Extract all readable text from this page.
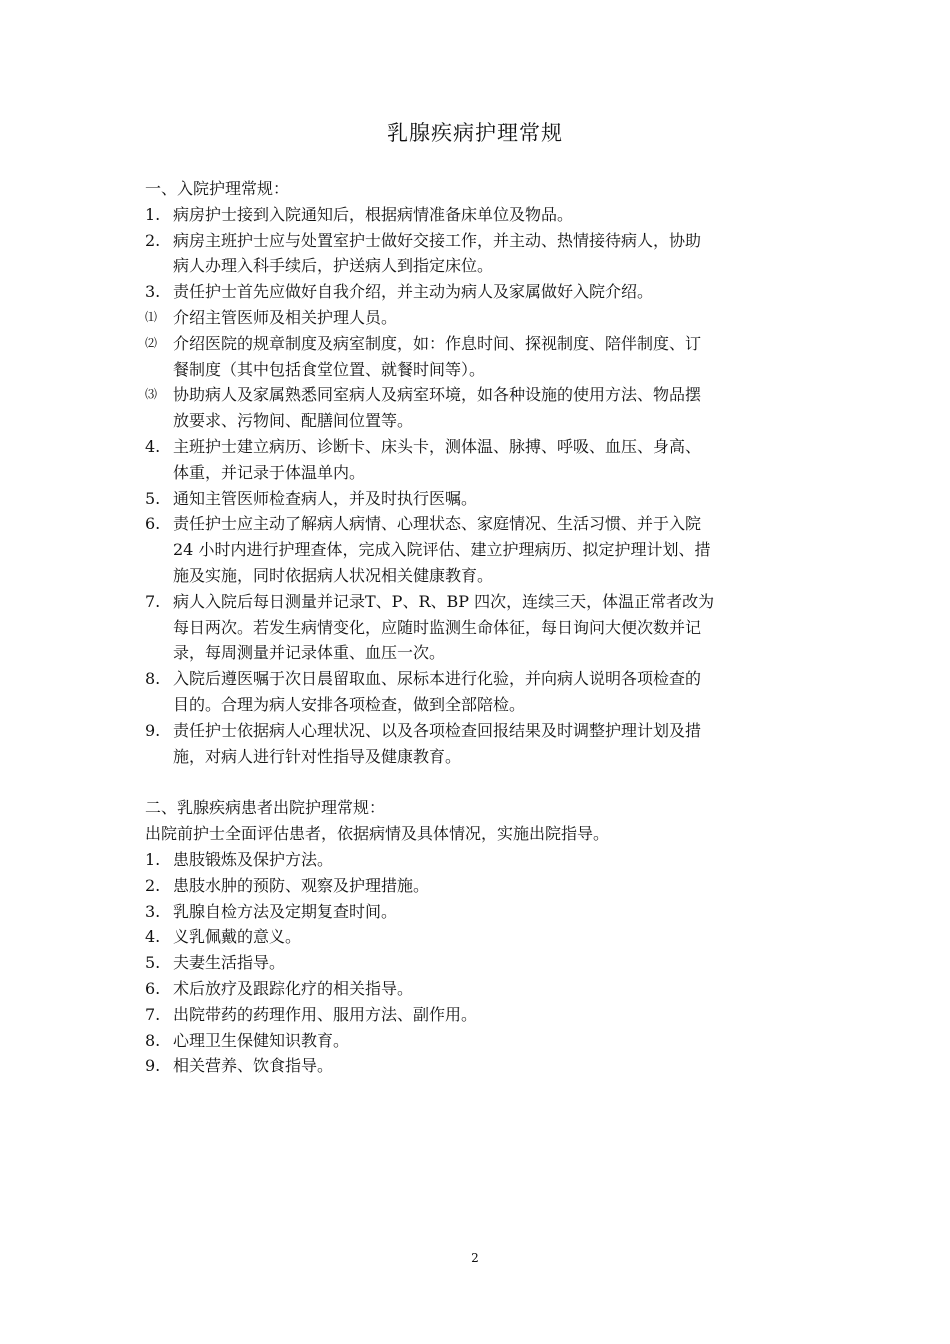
乳腺疾病护理常规

一、入院护理常规：

1. 病房护士接到入院通知后，根据病情准备床单位及物品。
2. 病房主班护士应与处置室护士做好交接工作，并主动、热情接待病人，协助
病人办理入科手续后，护送病人到指定床位。
3. 责任护士首先应做好自我介绍，并主动为病人及家属做好入院介绍。
⑴ 介绍主管医师及相关护理人员。
⑵ 介绍医院的规章制度及病室制度，如：作息时间、探视制度、陪伴制度、订
餐制度（其中包括食堂位置、就餐时间等）。
⑶ 协助病人及家属熟悉同室病人及病室环境，如各种设施的使用方法、物品摆
放要求、污物间、配膳间位置等。
4. 主班护士建立病历、诊断卡、床头卡，测体温、脉搏、呼吸、血压、身高、
体重，并记录于体温单内。
5. 通知主管医师检查病人，并及时执行医嘱。
6. 责任护士应主动了解病人病情、心理状态、家庭情况、生活习惯、并于入院
24 小时内进行护理查体，完成入院评估、建立护理病历、拟定护理计划、措
施及实施，同时依据病人状况相关健康教育。
7. 病人入院后每日测量并记录T、P、R、BP 四次，连续三天，体温正常者改为
每日两次。若发生病情变化，应随时监测生命体征，每日询问大便次数并记
录，每周测量并记录体重、血压一次。
8. 入院后遵医嘱于次日晨留取血、尿标本进行化验，并向病人说明各项检查的
目的。合理为病人安排各项检查，做到全部陪检。
9. 责任护士依据病人心理状况、以及各项检查回报结果及时调整护理计划及措
施，对病人进行针对性指导及健康教育。

二、乳腺疾病患者出院护理常规：

出院前护士全面评估患者，依据病情及具体情况，实施出院指导。

1. 患肢锻炼及保护方法。
2. 患肢水肿的预防、观察及护理措施。
3. 乳腺自检方法及定期复查时间。
4. 义乳佩戴的意义。
5. 夫妻生活指导。
6. 术后放疗及跟踪化疗的相关指导。
7. 出院带药的药理作用、服用方法、副作用。
8. 心理卫生保健知识教育。
9. 相关营养、饮食指导。
2
